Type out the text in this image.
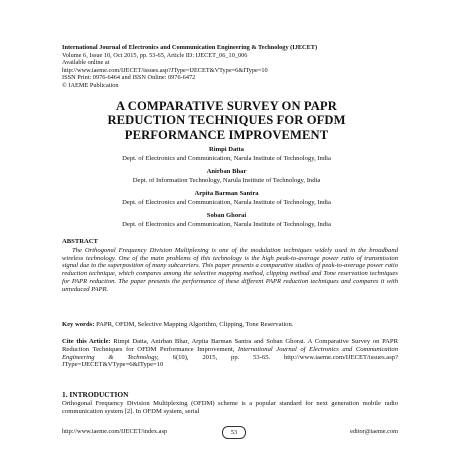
International Journal of Electronics and Communication Engineering & Technology (IJECET)
Volume 6, Issue 10, Oct 2015, pp. 53-65, Article ID: IJECET_06_10_006
Available online at
http://www.iaeme.com/IJECET/issues.asp?JType=IJECET&VType=6&IType=10
ISSN Print: 0976-6464 and ISSN Online: 0976-6472
© IAEME Publication
A COMPARATIVE SURVEY ON PAPR
REDUCTION TECHNIQUES FOR OFDM
PERFORMANCE IMPROVEMENT
Rimpi Datta
Dept. of Electronics and Communication, Narula Institute of Technology, India
Anirban Bhar
Dept. of Information Technology, Narula Institute of Technology, India
Arpita Barman Santra
Dept. of Electronics and Communication, Narula Institute of Technology, India
Soban Ghorai
Dept. of Electronics and Communication, Narula Institute of Technology, India
ABSTRACT
The Orthogonal Frequency Division Multiplexing is one of the modulation techniques widely used in the broadband wireless technology. One of the main problems of this technology is the high peak-to-average power ratio of transmission signal due to the superposition of many subcarriers. This paper presents a comparative studies of peak-to-average power ratio reduction technique, which compares among the selective mapping method, clipping method and Tone reservation techniques for PAPR reduction. The paper presents the performance of these different PAPR reduction techniques and compares it with unreduced PAPR.
Key words: PAPR, OFDM, Selective Mapping Algorithm, Clipping, Tone Reservation.
Cite this Article: Rimpi Datta, Anirban Bhar, Arpita Barman Santra and Soban Ghorai. A Comparative Survey on PAPR Reduction Techniques for OFDM Performance Improvement, International Journal of Electronics and Communication Engineering & Technology, 6(10), 2015, pp. 53-65. http://www.iaeme.com/IJECET/issues.asp?JType=IJECET&VType=6&IType=10
1. INTRODUCTION
Orthogonal Frequency Division Multiplexing (OFDM) scheme is a popular standard for next generation mobile radio communication system [2]. In OFDM system, serial
http://www.iaeme.com/IJECET/index.asp	53	editor@iaeme.com
